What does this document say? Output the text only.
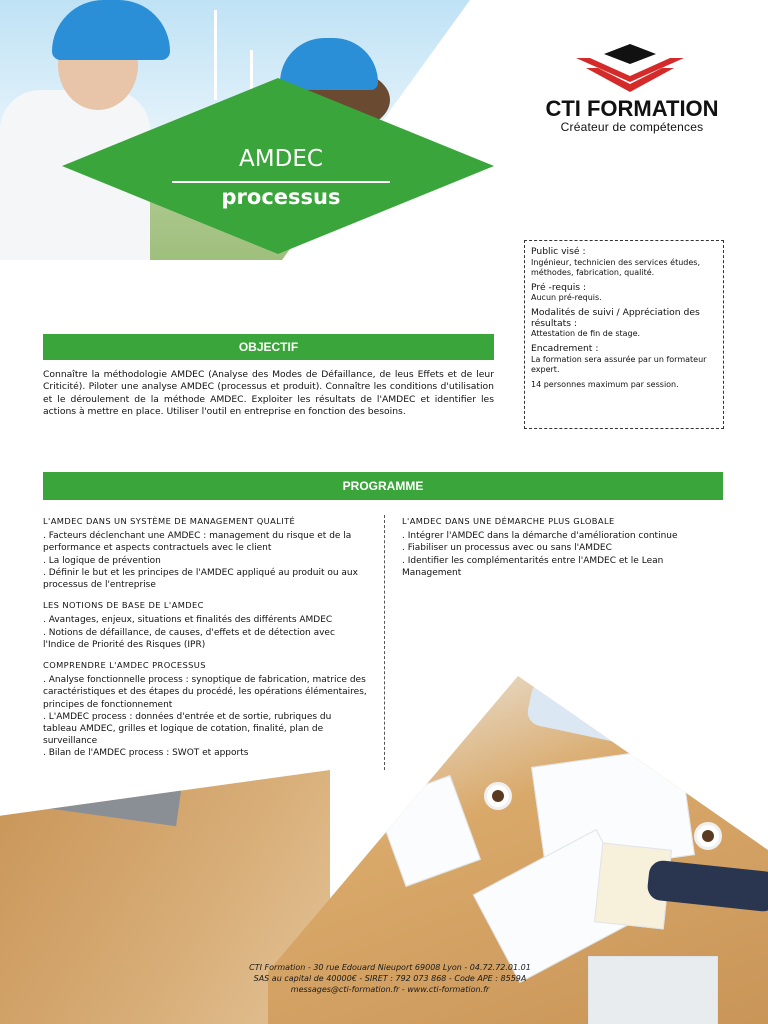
AMDEC
processus
CTI FORMATION
Créateur de compétences
Public visé :
Ingénieur, technicien des services études, méthodes, fabrication, qualité.
Pré -requis :
Aucun pré-requis.
Modalités de suivi / Appréciation des résultats :
Attestation de fin de stage.
Encadrement :
La formation sera assurée par un formateur expert.
14 personnes maximum par session.
OBJECTIF
Connaître la méthodologie AMDEC (Analyse des Modes de Défaillance, de leus Effets et de leur Criticité). Piloter une analyse AMDEC (processus et produit). Connaître les conditions d'utilisation et le déroulement de la méthode AMDEC. Exploiter les résultats de l'AMDEC et identifier les actions à mettre en place. Utiliser l'outil en entreprise en fonction des besoins.
PROGRAMME
L'AMDEC DANS UN SYSTÈME DE MANAGEMENT QUALITÉ
. Facteurs déclenchant une AMDEC : management du risque et de la performance et aspects contractuels avec le client
. La logique de prévention
. Définir le but et les principes de l'AMDEC appliqué au produit ou aux processus de l'entreprise
LES NOTIONS DE BASE DE L'AMDEC
. Avantages, enjeux, situations et finalités des différents AMDEC
. Notions de défaillance, de causes, d'effets et de détection avec l'Indice de Priorité des Risques (IPR)
COMPRENDRE L'AMDEC PROCESSUS
. Analyse fonctionnelle process : synoptique de fabrication, matrice des caractéristiques et des étapes du procédé, les opérations élémentaires, principes de fonctionnement
. L'AMDEC process : données d'entrée et de sortie, rubriques du tableau AMDEC, grilles et logique de cotation, finalité, plan de surveillance
. Bilan de l'AMDEC process : SWOT et apports
L'AMDEC DANS UNE DÉMARCHE PLUS GLOBALE
. Intégrer l'AMDEC dans la démarche d'amélioration continue
. Fiabiliser un processus avec ou sans l'AMDEC
. Identifier les complémentarités entre l'AMDEC et le Lean Management
CTI Formation - 30 rue Edouard Nieuport 69008 Lyon - 04.72.72.01.01
SAS au capital de 40000€ - SIRET : 792 073 868 - Code APE : 8559A
messages@cti-formation.fr - www.cti-formation.fr
